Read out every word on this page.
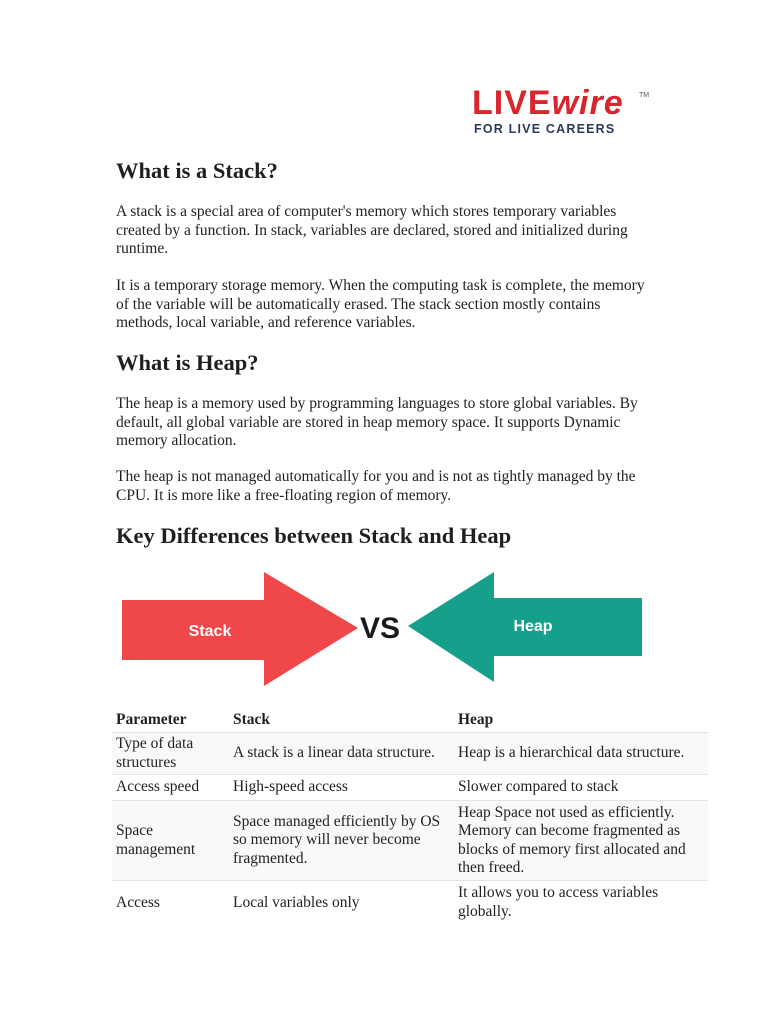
LIVEwire	TM
FOR LIVE CAREERS
What is a Stack?

A stack is a special area of computer's memory which stores temporary variables created by a function. In stack, variables are declared, stored and initialized during runtime.

It is a temporary storage memory. When the computing task is complete, the memory of the variable will be automatically erased. The stack section mostly contains methods, local variable, and reference variables.

What is Heap?

The heap is a memory used by programming languages to store global variables. By default, all global variable are stored in heap memory space. It supports Dynamic memory allocation.

The heap is not managed automatically for you and is not as tightly managed by the CPU. It is more like a free-floating region of memory.

Key Differences between Stack and Heap
Stack	VS	Heap
Parameter	Stack	Heap
Type of data structures	A stack is a linear data structure.	Heap is a hierarchical data structure.
Access speed	High-speed access	Slower compared to stack
Space management	Space managed efficiently by OS so memory will never become fragmented.	Heap Space not used as efficiently. Memory can become fragmented as blocks of memory first allocated and then freed.
Access	Local variables only	It allows you to access variables globally.
